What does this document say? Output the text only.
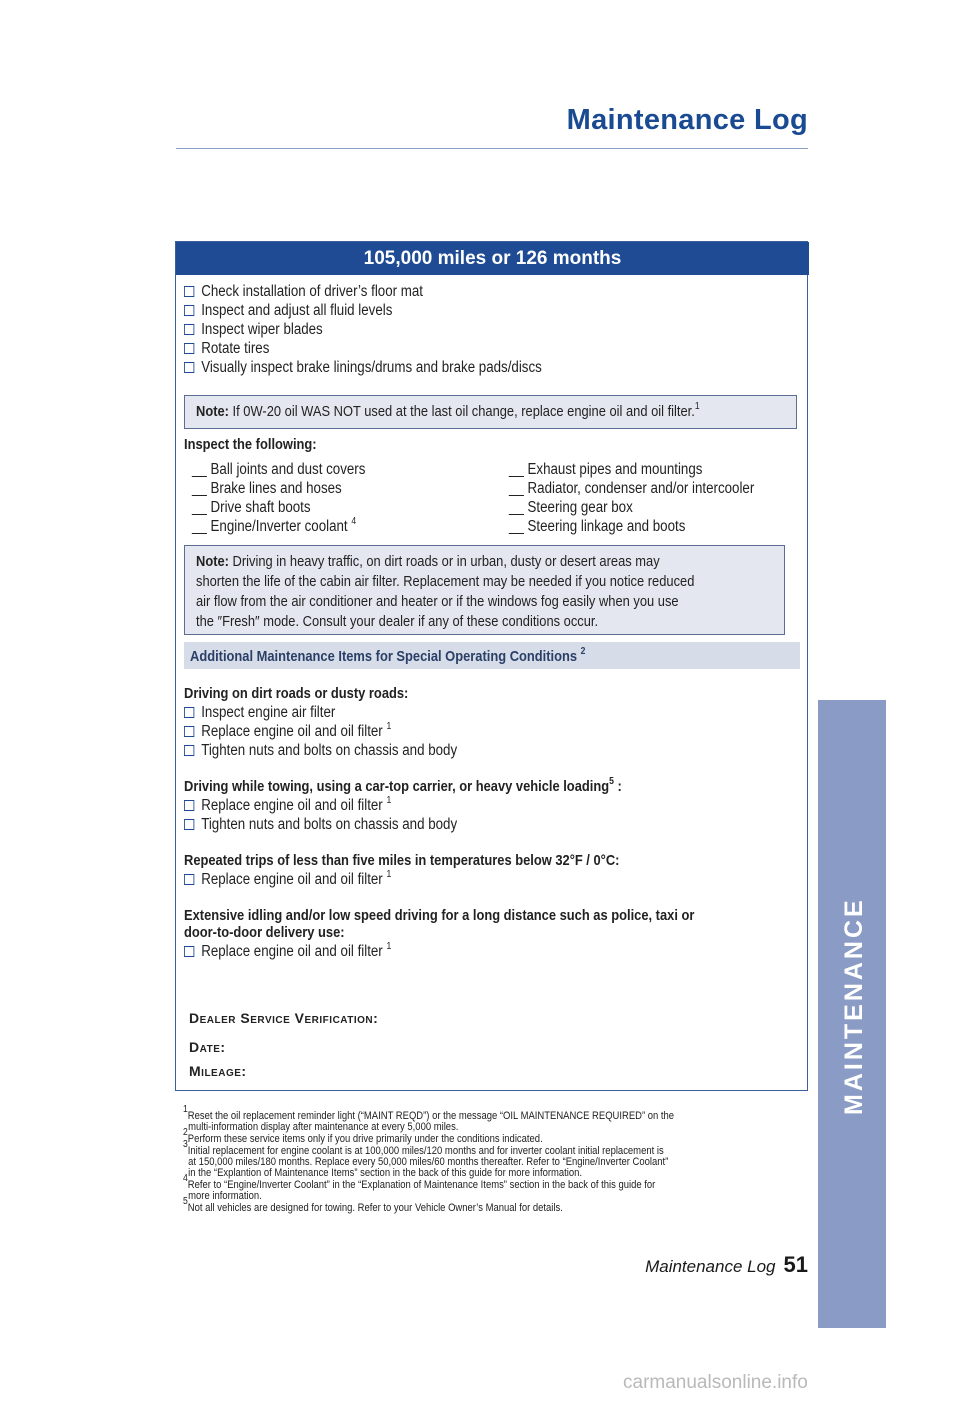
Maintenance Log
105,000 miles or 126 months
Check installation of driver’s floor mat
Inspect and adjust all fluid levels
Inspect wiper blades
Rotate tires
Visually inspect brake linings/drums and brake pads/discs
Note: If 0W-20 oil WAS NOT used at the last oil change, replace engine oil and oil filter.$^1$
Inspect the following:
__ Ball joints and dust covers
__ Brake lines and hoses
__ Drive shaft boots
__ Engine/Inverter coolant $^4$
__ Exhaust pipes and mountings
__ Radiator, condenser and/or intercooler
__ Steering gear box
__ Steering linkage and boots
Note: Driving in heavy traffic, on dirt roads or in urban, dusty or desert areas may
shorten the life of the cabin air filter. Replacement may be needed if you notice reduced
air flow from the air conditioner and heater or if the windows fog easily when you use
the ″Fresh″ mode. Consult your dealer if any of these conditions occur.
Additional Maintenance Items for Special Operating Conditions $^2$
Driving on dirt roads or dusty roads:
Inspect engine air filter
Replace engine oil and oil filter $^1$
Tighten nuts and bolts on chassis and body
Driving while towing, using a car-top carrier, or heavy vehicle loading$^5$ :
Replace engine oil and oil filter $^1$
Tighten nuts and bolts on chassis and body
Repeated trips of less than five miles in temperatures below 32°F / 0°C:
Replace engine oil and oil filter $^1$
Extensive idling and/or low speed driving for a long distance such as police, taxi or
door-to-door delivery use:
Replace engine oil and oil filter $^1$
Dealer Service Verification:
Date:
Mileage:
$^1$Reset the oil replacement reminder light (“MAINT REQD”) or the message “OIL MAINTENANCE REQUIRED” on the
multi-information display after maintenance at every 5,000 miles.
$^2$Perform these service items only if you drive primarily under the conditions indicated.
$^3$Initial replacement for engine coolant is at 100,000 miles/120 months and for inverter coolant initial replacement is
at 150,000 miles/180 months. Replace every 50,000 miles/60 months thereafter. Refer to “Engine/Inverter Coolant”
in the “Explantion of Maintenance Items” section in the back of this guide for more information.
$^4$Refer to “Engine/Inverter Coolant” in the “Explanation of Maintenance Items” section in the back of this guide for
more information.
$^5$Not all vehicles are designed for towing. Refer to your Vehicle Owner’s Manual for details.
Maintenance Log 51
MAINTENANCE
carmanualsonline.info
